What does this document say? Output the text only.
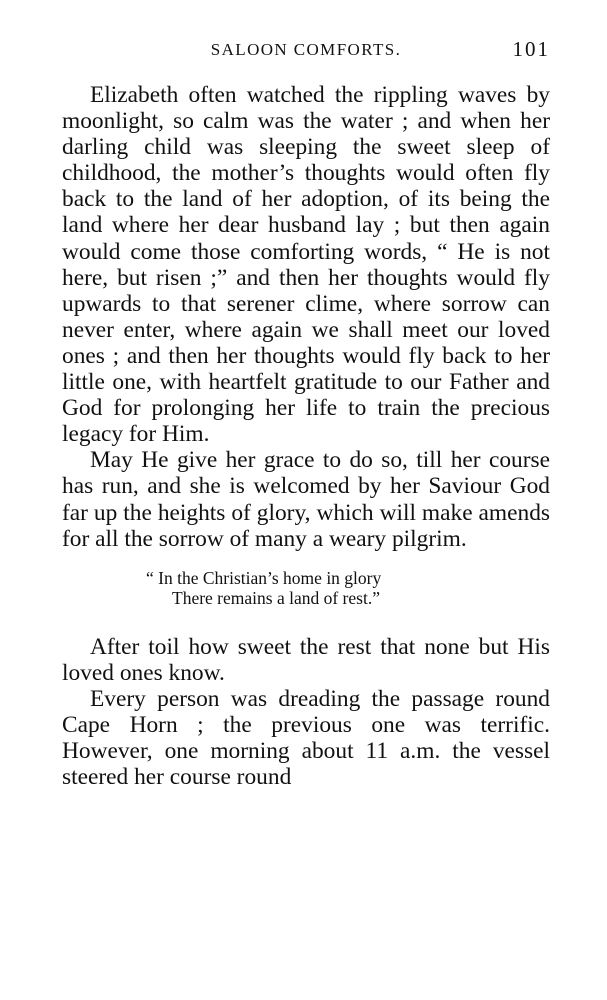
SALOON COMFORTS.	101

Elizabeth often watched the rippling waves by moonlight, so calm was the water ; and when her darling child was sleeping the sweet sleep of childhood, the mother’s thoughts would often fly back to the land of her adoption, of its being the land where her dear husband lay ; but then again would come those comforting words, “ He is not here, but risen ;” and then her thoughts would fly upwards to that serener clime, where sorrow can never enter, where again we shall meet our loved ones ; and then her thoughts would fly back to her little one, with heartfelt gratitude to our Father and God for prolonging her life to train the precious legacy for Him.

May He give her grace to do so, till her course has run, and she is welcomed by her Saviour God far up the heights of glory, which will make amends for all the sorrow of many a weary pilgrim.

“ In the Christian’s home in glory
There remains a land of rest.”

After toil how sweet the rest that none but His loved ones know.

Every person was dreading the passage round Cape Horn ; the previous one was terrific. However, one morning about 11 a.m. the vessel steered her course round
